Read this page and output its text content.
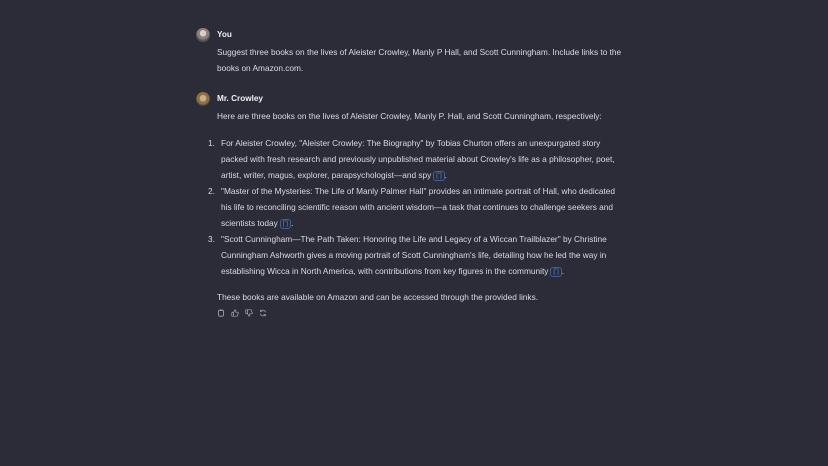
You

Suggest three books on the lives of Aleister Crowley, Manly P Hall, and Scott Cunningham. Include links to the books on Amazon.com.

Mr. Crowley

Here are three books on the lives of Aleister Crowley, Manly P. Hall, and Scott Cunningham, respectively:

1. For Aleister Crowley, "Aleister Crowley: The Biography" by Tobias Churton offers an unexpurgated story packed with fresh research and previously unpublished material about Crowley's life as a philosopher, poet, artist, writer, magus, explorer, parapsychologist—and spy [”] .
2. "Master of the Mysteries: The Life of Manly Palmer Hall" provides an intimate portrait of Hall, who dedicated his life to reconciling scientific reason with ancient wisdom—a task that continues to challenge seekers and scientists today [”] .
3. "Scott Cunningham—The Path Taken: Honoring the Life and Legacy of a Wiccan Trailblazer" by Christine Cunningham Ashworth gives a moving portrait of Scott Cunningham's life, detailing how he led the way in establishing Wicca in North America, with contributions from key figures in the community [”] .

These books are available on Amazon and can be accessed through the provided links.
